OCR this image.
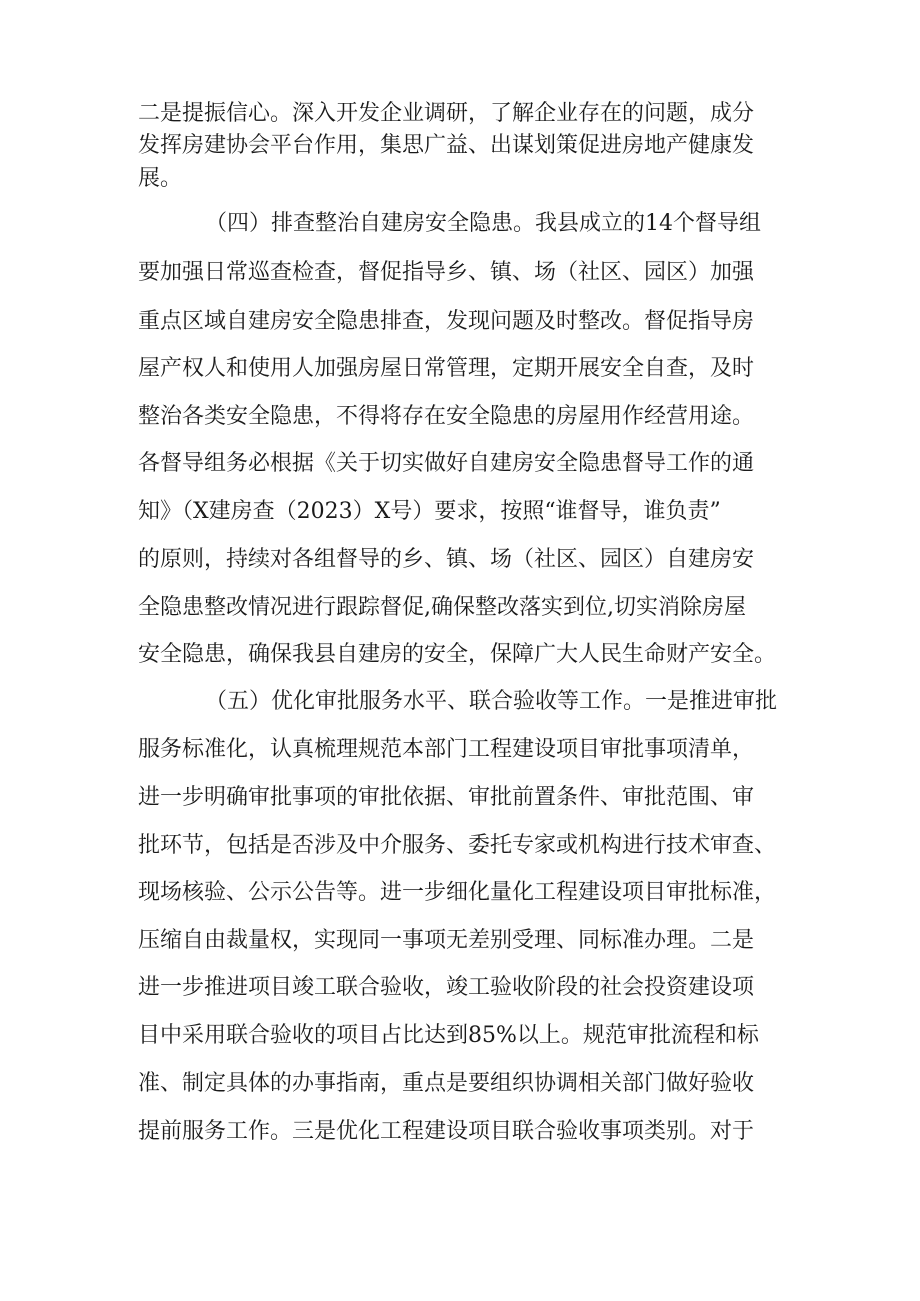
二是提振信心。深入开发企业调研，了解企业存在的问题，成分
发挥房建协会平台作用，集思广益、出谋划策促进房地产健康发
展。
（四）排查整治自建房安全隐患。我县成立的14个督导组
要加强日常巡查检查，督促指导乡、镇、场（社区、园区）加强
重点区域自建房安全隐患排查，发现问题及时整改。督促指导房
屋产权人和使用人加强房屋日常管理，定期开展安全自查，及时
整治各类安全隐患，不得将存在安全隐患的房屋用作经营用途。
各督导组务必根据《关于切实做好自建房安全隐患督导工作的通
知》（X建房查（2023）X号）要求，按照“谁督导，谁负责”
的原则，持续对各组督导的乡、镇、场（社区、园区）自建房安
全隐患整改情况进行跟踪督促,确保整改落实到位,切实消除房屋
安全隐患，确保我县自建房的安全，保障广大人民生命财产安全。
（五）优化审批服务水平、联合验收等工作。一是推进审批
服务标准化，认真梳理规范本部门工程建设项目审批事项清单，
进一步明确审批事项的审批依据、审批前置条件、审批范围、审
批环节，包括是否涉及中介服务、委托专家或机构进行技术审查、
现场核验、公示公告等。进一步细化量化工程建设项目审批标准，
压缩自由裁量权，实现同一事项无差别受理、同标准办理。二是
进一步推进项目竣工联合验收，竣工验收阶段的社会投资建设项
目中采用联合验收的项目占比达到85%以上。规范审批流程和标
准、制定具体的办事指南，重点是要组织协调相关部门做好验收
提前服务工作。三是优化工程建设项目联合验收事项类别。对于
